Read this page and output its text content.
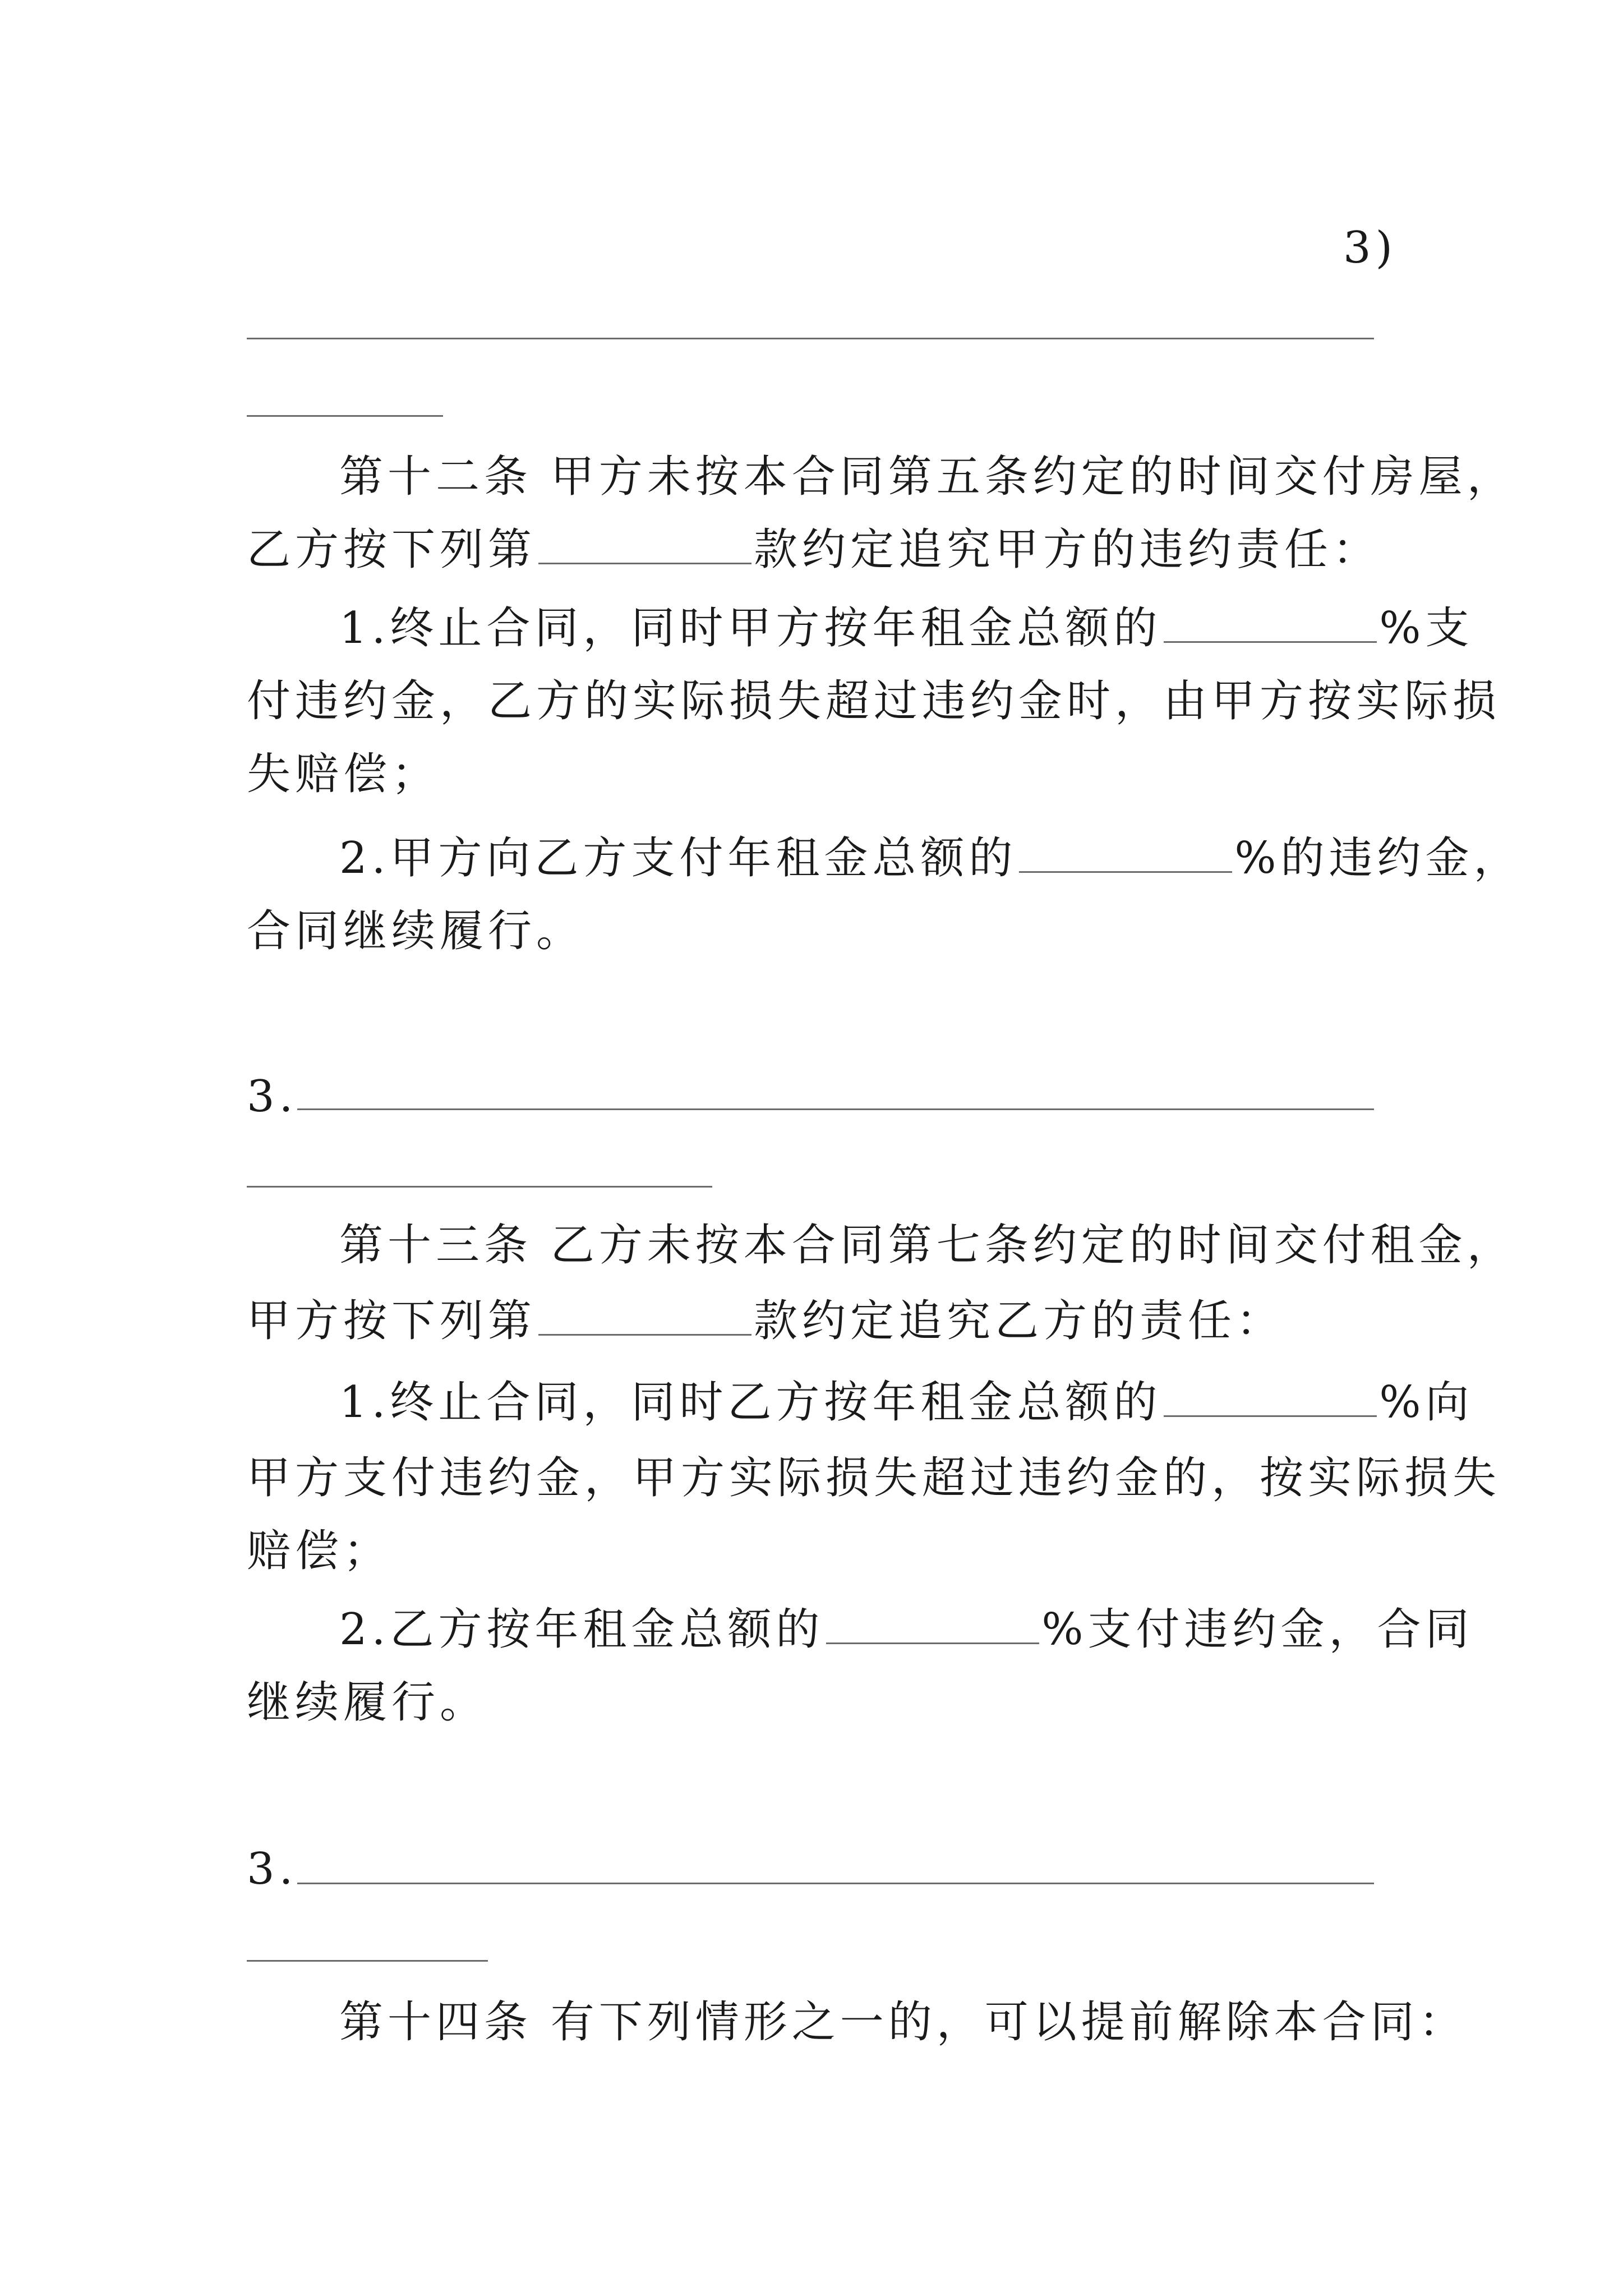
3)
第十二条 甲方未按本合同第五条约定的时间交付房屋，
乙方按下列第	款约定追究甲方的违约责任：
1.终止合同，同时甲方按年租金总额的	%支
付违约金，乙方的实际损失超过违约金时，由甲方按实际损
失赔偿；
2.甲方向乙方支付年租金总额的	%的违约金，
合同继续履行。
3.
第十三条 乙方未按本合同第七条约定的时间交付租金，
甲方按下列第	款约定追究乙方的责任：
1.终止合同，同时乙方按年租金总额的	%向
甲方支付违约金，甲方实际损失超过违约金的，按实际损失
赔偿；
2.乙方按年租金总额的	%支付违约金，合同
继续履行。
3.
第十四条 有下列情形之一的，可以提前解除本合同：
